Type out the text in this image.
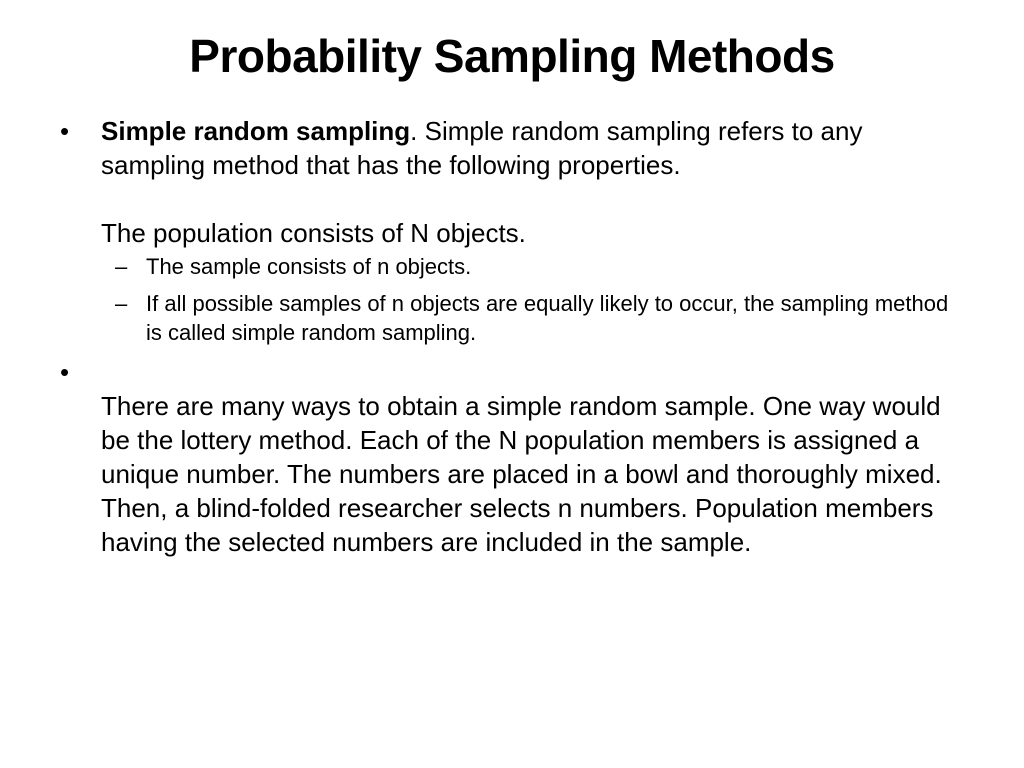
Probability Sampling Methods
•	Simple random sampling. Simple random sampling refers to any sampling method that has the following properties.
The population consists of N objects.
– The sample consists of n objects.
– If all possible samples of n objects are equally likely to occur, the sampling method is called simple random sampling.
•
There are many ways to obtain a simple random sample. One way would be the lottery method. Each of the N population members is assigned a unique number. The numbers are placed in a bowl and thoroughly mixed. Then, a blind-folded researcher selects n numbers. Population members having the selected numbers are included in the sample.
